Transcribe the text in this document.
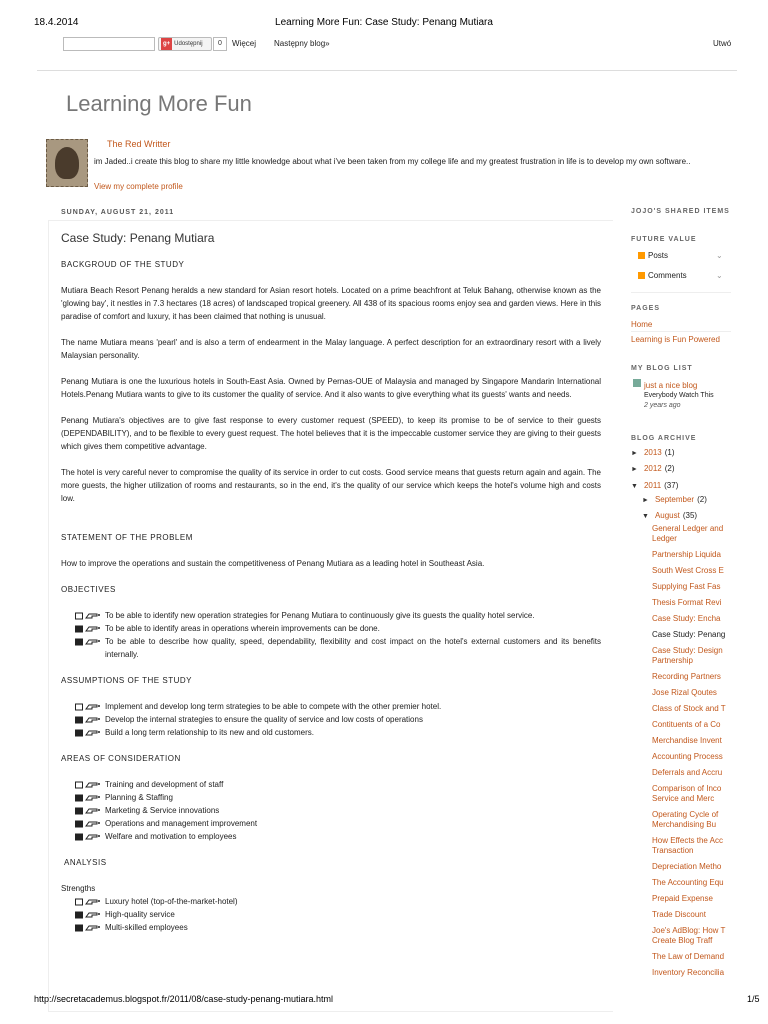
18.4.2014	Learning More Fun: Case Study: Penang Mutiara
g+ Udostępnij	0	Więcej Następny blog»	Utwó
Learning More Fun
The Red Writter
im Jaded..i create this blog to share my little knowledge about what i've been taken from my college life and my greatest frustration in life is to develop my own software..
View my complete profile
SUNDAY, AUGUST 21, 2011
Case Study: Penang Mutiara

BACKGROUD OF THE STUDY

Mutiara Beach Resort Penang heralds a new standard for Asian resort hotels. Located on a prime beachfront at Teluk Bahang, otherwise known as the 'glowing bay', it nestles in 7.3 hectares (18 acres) of landscaped tropical greenery. All 438 of its spacious rooms enjoy sea and garden views. Here in this paradise of comfort and luxury, it has been claimed that nothing is unusual.

The name Mutiara means 'pearl' and is also a term of endearment in the Malay language. A perfect description for an extraordinary resort with a lively Malaysian personality.

Penang Mutiara is one the luxurious hotels in South-East Asia. Owned by Pernas-OUE of Malaysia and managed by Singapore Mandarin International Hotels.Penang Mutiara wants to give to its customer the quality of service. And it also wants to give everything what its guests' wants and needs.

Penang Mutiara's objectives are to give fast response to every customer request (SPEED), to keep its promise to be of service to their guests (DEPENDABILITY), and to be flexible to every guest request. The hotel believes that it is the impeccable customer service they are giving to their guests which gives them competitive advantage.

The hotel is very careful never to compromise the quality of its service in order to cut costs. Good service means that guests return again and again. The more guests, the higher utilization of rooms and restaurants, so in the end, it's the quality of our service which keeps the hotel's volume high and costs low.

STATEMENT OF THE PROBLEM

How to improve the operations and sustain the competitiveness of Penang Mutiara as a leading hotel in Southeast Asia.

OBJECTIVES

To be able to identify new operation strategies for Penang Mutiara to continuously give its guests the quality hotel service.
To be able to identify areas in operations wherein improvements can be done.
To be able to describe how quality, speed, dependability, flexibility and cost impact on the hotel's external customers and its benefits internally.

ASSUMPTIONS OF THE STUDY

Implement and develop long term strategies to be able to compete with the other premier hotel.
Develop the internal strategies to ensure the quality of service and low costs of operations
Build a long term relationship to its new and old customers.

AREAS OF CONSIDERATION

Training and development of staff
Planning & Staffing
Marketing & Service innovations
Operations and management improvement
Welfare and motivation to employees

ANALYSIS

Strengths

Luxury hotel (top-of-the-market-hotel)
High-quality service
Multi-skilled employees
JOJO'S SHARED ITEMS
FUTURE VALUE
Posts	⌄
Comments	⌄
PAGES
Home
Learning is Fun Powered
MY BLOG LIST
just a nice blog
Everybody Watch This
2 years ago
BLOG ARCHIVE
► 2013 (1)
► 2012 (2)
▼ 2011 (37)
► September (2)
▼ August (35)
General Ledger and Ledger
Partnership Liquida
South West Cross E
Supplying Fast Fas
Thesis Format Revi
Case Study: Encha
Case Study: Penang
Case Study: Design Partnership
Recording Partners
Jose Rizal Qoutes
Class of Stock and T
Contituents of a Co
Merchandise Invent
Accounting Process
Deferrals and Accru
Comparison of Inco Service and Merc
Operating Cycle of Merchandising Bu
How Effects the Acc Transaction
Depreciation Metho
The Accounting Equ
Prepaid Expense
Trade Discount
Joe's AdBlog: How T Create Blog Traff
The Law of Demand
Inventory Reconcilia
http://secretacademus.blogspot.fr/2011/08/case-study-penang-mutiara.html	1/5
